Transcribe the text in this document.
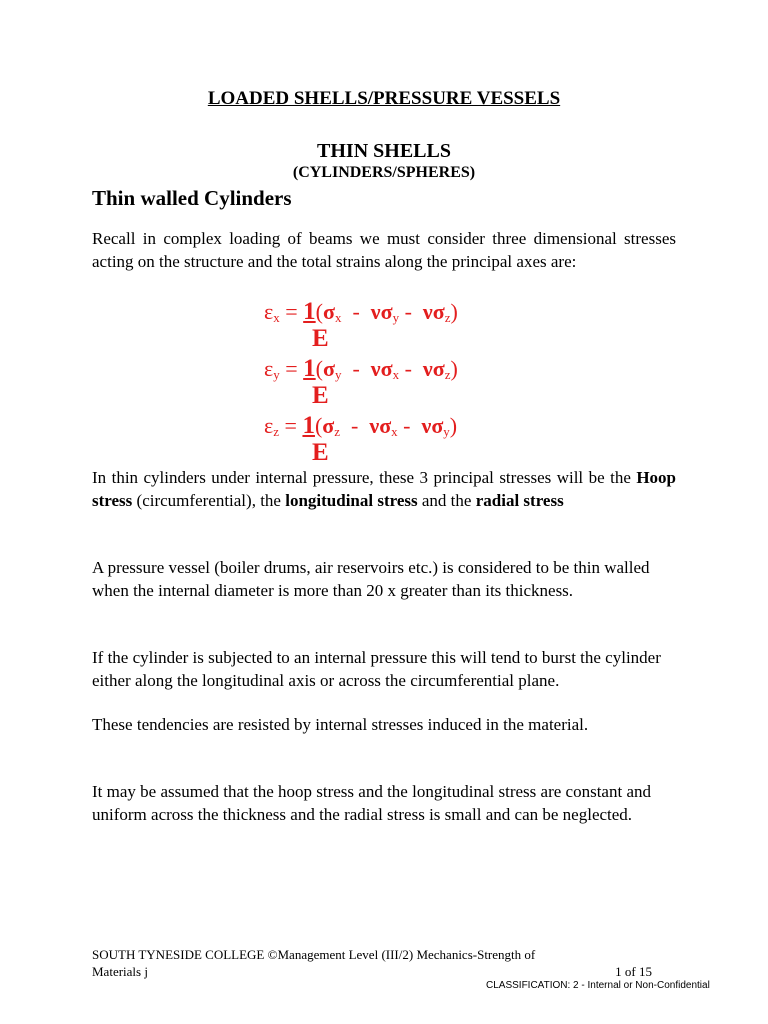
LOADED SHELLS/PRESSURE VESSELS
THIN SHELLS
(CYLINDERS/SPHERES)
Thin walled Cylinders
Recall in complex loading of beams we must consider three dimensional stresses acting on the structure and the total strains along the principal axes are:
εx = 1(σx  -  νσy -  νσz)
E
εy = 1(σy  -  νσx -  νσz)
E
εz = 1(σz  -  νσx -  νσy)
E
In thin cylinders under internal pressure, these 3 principal stresses will be the Hoop stress (circumferential), the longitudinal stress and the radial stress
A pressure vessel (boiler drums, air reservoirs etc.) is considered to be thin walled when the internal diameter is more than 20 x greater than its thickness.
If the cylinder is subjected to an internal pressure this will tend to burst the cylinder either along the longitudinal axis or across the circumferential plane.
These tendencies are resisted by internal stresses induced in the material.
It may be assumed that the hoop stress and the longitudinal stress are constant and uniform across the thickness and the radial stress is small and can be neglected.
SOUTH TYNESIDE COLLEGE ©Management Level (III/2) Mechanics-Strength of
Materials j	1 of 15
CLASSIFICATION: 2 - Internal or Non-Confidential
